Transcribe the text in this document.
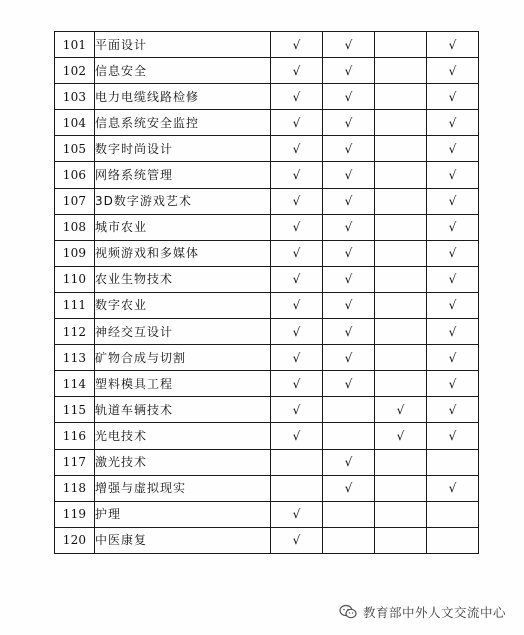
101	平面设计	√	√		√
102	信息安全	√	√		√
103	电力电缆线路检修	√	√		√
104	信息系统安全监控	√	√		√
105	数字时尚设计	√	√		√
106	网络系统管理	√	√		√
107	3D数字游戏艺术	√	√		√
108	城市农业	√	√		√
109	视频游戏和多媒体	√	√		√
110	农业生物技术	√	√		√
111	数字农业	√	√		√
112	神经交互设计	√	√		√
113	矿物合成与切割	√	√		√
114	塑料模具工程	√	√		√
115	轨道车辆技术	√		√	√
116	光电技术	√		√	√
117	激光技术		√		
118	增强与虚拟现实		√		√
119	护理	√			
120	中医康复	√			
教育部中外人文交流中心
